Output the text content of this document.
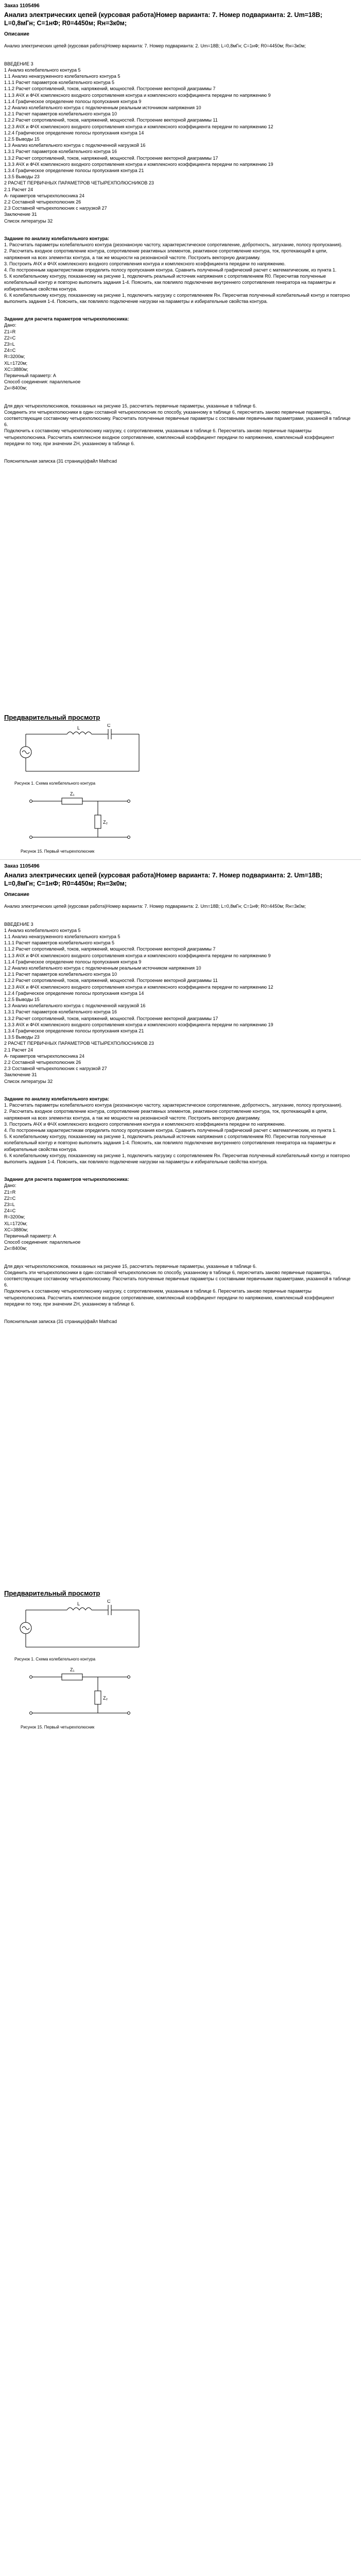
Заказ 1105496
Анализ электрических цепей (курсовая работа)Номер варианта: 7. Номер подварианта: 2. Um=18В; L=0,8мГн; C=1нФ; R0=4450м; Rн=3к0м;
Описание
Анализ электрических цепей (курсовая работа)Номер варианта: 7. Номер подварианта: 2. Um=18В; L=0,8мГн; C=1нФ; R0=4450м; Rн=3к0м;
ВВЕДЕНИЕ 3
1 Анализ колебательного контура 5
1.1 Анализ ненагруженного колебательного контура 5
1.1.1 Расчет параметров колебательного контура 5
1.1.2 Расчет сопротивлений, токов, напряжений, мощностей. Построение векторной диаграммы 7
1.1.3 АЧХ и ФЧХ комплексного входного сопротивления контура и комплексного коэффициента передачи по напряжению 9
1.1.4 Графическое определение полосы пропускания контура 9
1.2 Анализ колебательного контура с подключенным реальным источником напряжения 10
1.2.1 Расчет параметров колебательного контура 10
1.2.2 Расчет сопротивлений, токов, напряжений, мощностей. Построение векторной диаграммы 11
1.2.3 АЧХ и ФЧХ комплексного входного сопротивления контура и комплексного коэффициента передачи по напряжению 12
1.2.4 Графическое определение полосы пропускания контура 14
1.2.5 Выводы 15
1.3 Анализ колебательного контура с подключенной нагрузкой 16
1.3.1 Расчет параметров колебательного контура 16
1.3.2 Расчет сопротивлений, токов, напряжений, мощностей. Построение векторной диаграммы 17
1.3.3 АЧХ и ФЧХ комплексного входного сопротивления контура и комплексного коэффициента передачи по напряжению 19
1.3.4 Графическое определение полосы пропускания контура 21
1.3.5 Выводы 23
2 РАСЧЕТ ПЕРВИЧНЫХ ПАРАМЕТРОВ ЧЕТЫРЕХПОЛЮСНИКОВ 23
2.1 Расчет 24
A- параметров четырехполюсника 24
2.2 Составной четырехполюсник 26
2.3 Составной четырехполюсник с нагрузкой 27
Заключение 31
Список литературы 32
Задание по анализу колебательного контура:
1. Рассчитать параметры колебательного контура (резонансную частоту, характеристическое сопротивление, добротность, затухание, полосу пропускания).
2. Рассчитать входное сопротивление контура, сопротивление реактивных элементов, реактивное сопротивление контура, ток, протекающий в цепи, напряжения на всех элементах контура, а так же мощности на резонансной частоте. Построить векторную диаграмму.
3. Построить АЧХ и ФЧХ комплексного входного сопротивления контура и комплексного коэффициента передачи по напряжению.
4. По построенным характеристикам определить полосу пропускания контура. Сравнить полученный графический расчет с математическим, из пункта 1.
5. К колебательному контуру, показанному на рисунке 1, подключить реальный источник напряжения с сопротивлением R0. Пересчитав полученные колебательный контур и повторно выполнить задания 1-4. Пояснить, как повлияло подключение внутреннего сопротивления генератора на параметры и избирательные свойства контура.
6. К колебательному контуру, показанному на рисунке 1, подключить нагрузку с сопротивлением Rн. Пересчитав полученный колебательный контур и повторно выполнить задания 1-4. Пояснить, как повлияло подключение нагрузки на параметры и избирательные свойства контура.
Задание для расчета параметров четырехполюсника:
Дано:
Z1=R
Z2=C
Z3=L
Z4=C
R=3200м;
XL=1720м;
XC=3880м;
Первичный параметр: A
Способ соединения: параллельное
Zн=8400м;
Для двух четырехполюсников, показанных на рисунке 15, рассчитать первичные параметры, указанные в таблице 6.
Соединить эти четырехполюсники в один составной четырехполюсник по способу, указанному в таблице 6, пересчитать заново первичные параметры, соответствующие составному четырехполюснику. Рассчитать полученные первичные параметры с составными первичными параметрами, указанной в таблице 6.
Подключить к составному четырехполюснику нагрузку, с сопротивлением, указанным в таблице 6. Пересчитать заново первичные параметры четырехполюсника. Рассчитать комплексное входное сопротивление, комплексный коэффициент передачи по напряжению, комплексный коэффициент передачи по току, при значении ZH, указанному в таблице 6.
Пояснительная записка (31 страница)файл Mathcad
Предварительный просмотр
L	C
Рисунок 1. Схема колебательного контура
Z₁
Z₂
Рисунок 15. Первый четырехполюсник
Заказ 1105496
Анализ электрических цепей (курсовая работа)Номер варианта: 7. Номер подварианта: 2. Um=18В; L=0,8мГн; C=1нФ; R0=4450м; Rн=3к0м;
Описание
Анализ электрических цепей (курсовая работа)Номер варианта: 7. Номер подварианта: 2. Um=18В; L=0,8мГн; C=1нФ; R0=4450м; Rн=3к0м;
ВВЕДЕНИЕ 3
1 Анализ колебательного контура 5
1.1 Анализ ненагруженного колебательного контура 5
1.1.1 Расчет параметров колебательного контура 5
1.1.2 Расчет сопротивлений, токов, напряжений, мощностей. Построение векторной диаграммы 7
1.1.3 АЧХ и ФЧХ комплексного входного сопротивления контура и комплексного коэффициента передачи по напряжению 9
1.1.4 Графическое определение полосы пропускания контура 9
1.2 Анализ колебательного контура с подключенным реальным источником напряжения 10
1.2.1 Расчет параметров колебательного контура 10
1.2.2 Расчет сопротивлений, токов, напряжений, мощностей. Построение векторной диаграммы 11
1.2.3 АЧХ и ФЧХ комплексного входного сопротивления контура и комплексного коэффициента передачи по напряжению 12
1.2.4 Графическое определение полосы пропускания контура 14
1.2.5 Выводы 15
1.3 Анализ колебательного контура с подключенной нагрузкой 16
1.3.1 Расчет параметров колебательного контура 16
1.3.2 Расчет сопротивлений, токов, напряжений, мощностей. Построение векторной диаграммы 17
1.3.3 АЧХ и ФЧХ комплексного входного сопротивления контура и комплексного коэффициента передачи по напряжению 19
1.3.4 Графическое определение полосы пропускания контура 21
1.3.5 Выводы 23
2 РАСЧЕТ ПЕРВИЧНЫХ ПАРАМЕТРОВ ЧЕТЫРЕХПОЛЮСНИКОВ 23
2.1 Расчет 24
A- параметров четырехполюсника 24
2.2 Составной четырехполюсник 26
2.3 Составной четырехполюсник с нагрузкой 27
Заключение 31
Список литературы 32
Задание по анализу колебательного контура:
1. Рассчитать параметры колебательного контура (резонансную частоту, характеристическое сопротивление, добротность, затухание, полосу пропускания).
2. Рассчитать входное сопротивление контура, сопротивление реактивных элементов, реактивное сопротивление контура, ток, протекающий в цепи, напряжения на всех элементах контура, а так же мощности на резонансной частоте. Построить векторную диаграмму.
3. Построить АЧХ и ФЧХ комплексного входного сопротивления контура и комплексного коэффициента передачи по напряжению.
4. По построенным характеристикам определить полосу пропускания контура. Сравнить полученный графический расчет с математическим, из пункта 1.
5. К колебательному контуру, показанному на рисунке 1, подключить реальный источник напряжения с сопротивлением R0. Пересчитав полученные колебательный контур и повторно выполнить задания 1-4. Пояснить, как повлияло подключение внутреннего сопротивления генератора на параметры и избирательные свойства контура.
6. К колебательному контуру, показанному на рисунке 1, подключить нагрузку с сопротивлением Rн. Пересчитав полученный колебательный контур и повторно выполнить задания 1-4. Пояснить, как повлияло подключение нагрузки на параметры и избирательные свойства контура.
Задание для расчета параметров четырехполюсника:
Дано:
Z1=R
Z2=C
Z3=L
Z4=C
R=3200м;
XL=1720м;
XC=3880м;
Первичный параметр: A
Способ соединения: параллельное
Zн=8400м;
Для двух четырехполюсников, показанных на рисунке 15, рассчитать первичные параметры, указанные в таблице 6.
Соединить эти четырехполюсники в один составной четырехполюсник по способу, указанному в таблице 6, пересчитать заново первичные параметры, соответствующие составному четырехполюснику. Рассчитать полученные первичные параметры с составными первичными параметрами, указанной в таблице 6.
Подключить к составному четырехполюснику нагрузку, с сопротивлением, указанным в таблице 6. Пересчитать заново первичные параметры четырехполюсника. Рассчитать комплексное входное сопротивление, комплексный коэффициент передачи по напряжению, комплексный коэффициент передачи по току, при значении ZH, указанному в таблице 6.
Пояснительная записка (31 страница)файл Mathcad
Предварительный просмотр
L	C
Рисунок 1. Схема колебательного контура
Z₁
Z₂
Рисунок 15. Первый четырехполюсник
